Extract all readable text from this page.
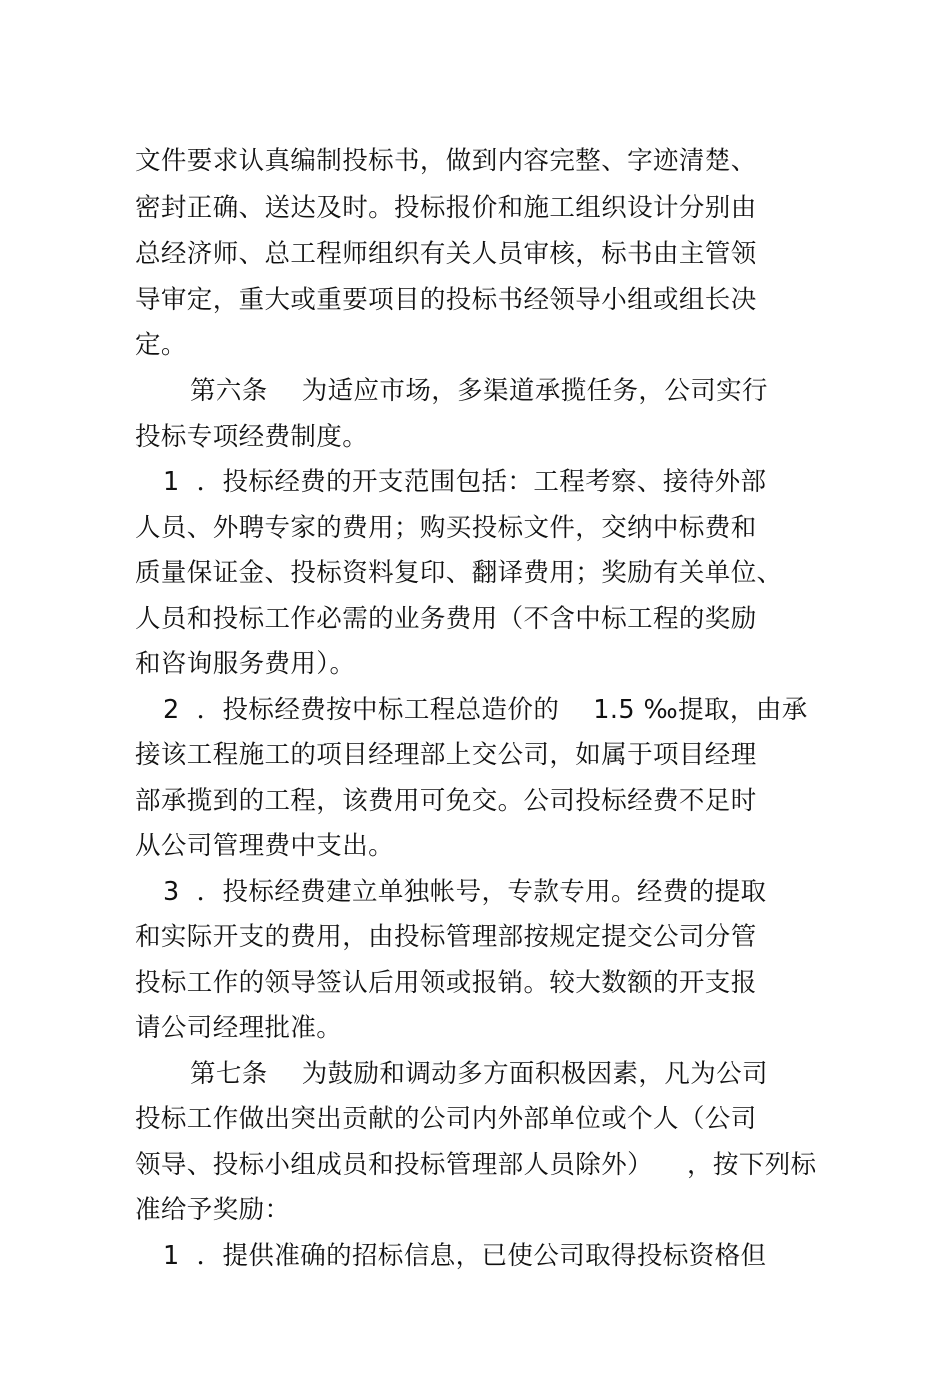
文件要求认真编制投标书，做到内容完整、字迹清楚、
密封正确、送达及时。投标报价和施工组织设计分别由
总经济师、总工程师组织有关人员审核，标书由主管领
导审定，重大或重要项目的投标书经领导小组或组长决
定。
第六条    为适应市场，多渠道承揽任务，公司实行
投标专项经费制度。
1  ．投标经费的开支范围包括：工程考察、接待外部
人员、外聘专家的费用；购买投标文件，交纳中标费和
质量保证金、投标资料复印、翻译费用；奖励有关单位、
人员和投标工作必需的业务费用（不含中标工程的奖励
和咨询服务费用）。
2  ．投标经费按中标工程总造价的    1.5 ‰提取，由承
接该工程施工的项目经理部上交公司，如属于项目经理
部承揽到的工程，该费用可免交。公司投标经费不足时
从公司管理费中支出。
3  ．投标经费建立单独帐号，专款专用。经费的提取
和实际开支的费用，由投标管理部按规定提交公司分管
投标工作的领导签认后用领或报销。较大数额的开支报
请公司经理批准。
第七条    为鼓励和调动多方面积极因素，凡为公司
投标工作做出突出贡献的公司内外部单位或个人（公司
领导、投标小组成员和投标管理部人员除外）    ，按下列标
准给予奖励：
1  ．提供准确的招标信息，已使公司取得投标资格但
